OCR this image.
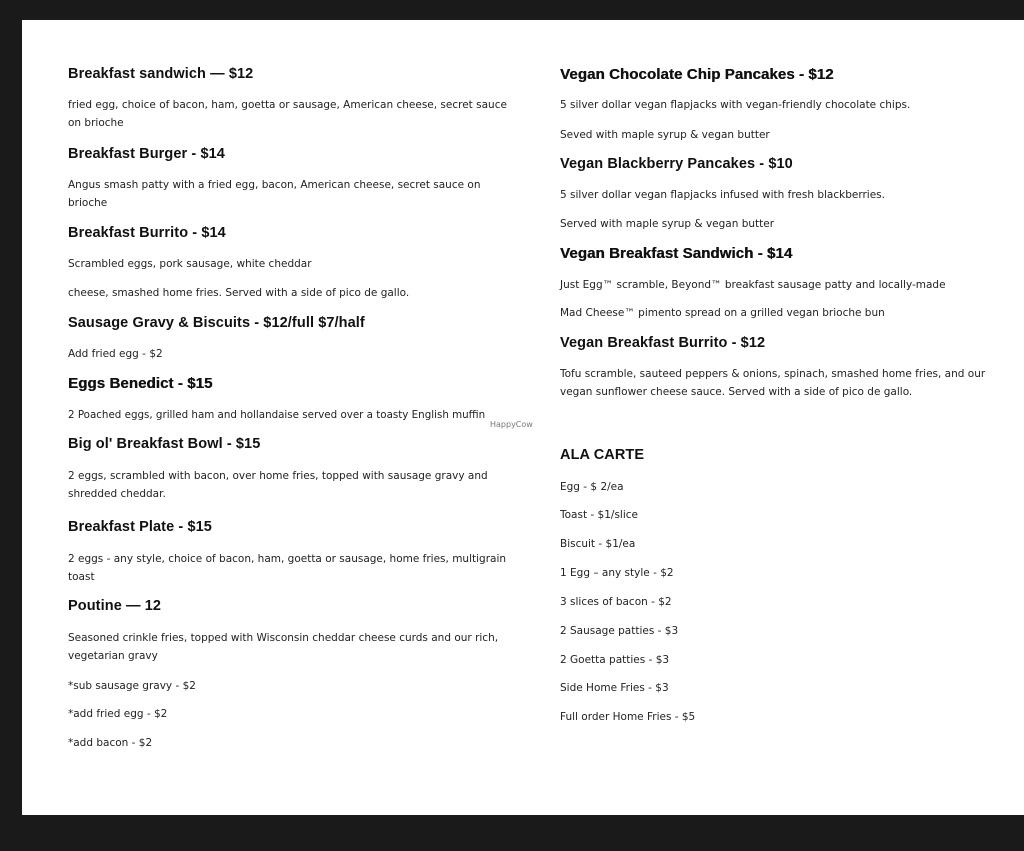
Breakfast sandwich — $12
fried egg, choice of bacon, ham, goetta or sausage, American cheese, secret sauce on brioche
Breakfast Burger - $14
Angus smash patty with a fried egg, bacon, American cheese, secret sauce on brioche
Breakfast Burrito - $14
Scrambled eggs, pork sausage, white cheddar
cheese, smashed home fries. Served with a side of pico de gallo.
Sausage Gravy & Biscuits - $12/full $7/half
Add fried egg - $2
Eggs Benedict - $15
2 Poached eggs, grilled ham and hollandaise served over a toasty English muffin
HappyCow
Big ol' Breakfast Bowl - $15
2 eggs, scrambled with bacon, over home fries, topped with sausage gravy and shredded cheddar.
Breakfast Plate - $15
2 eggs - any style, choice of bacon, ham, goetta or sausage, home fries, multigrain toast
Poutine — 12
Seasoned crinkle fries, topped with Wisconsin cheddar cheese curds and our rich, vegetarian gravy
*sub sausage gravy - $2
*add fried egg - $2
*add bacon - $2
Vegan Chocolate Chip Pancakes - $12
5 silver dollar vegan flapjacks with vegan-friendly chocolate chips.
Seved with maple syrup & vegan butter
Vegan Blackberry Pancakes - $10
5 silver dollar vegan flapjacks infused with fresh blackberries.
Served with maple syrup & vegan butter
Vegan Breakfast Sandwich - $14
Just Egg™ scramble, Beyond™ breakfast sausage patty and locally-made
Mad Cheese™ pimento spread on a grilled vegan brioche bun
Vegan Breakfast Burrito - $12
Tofu scramble, sauteed peppers & onions, spinach, smashed home fries, and our vegan sunflower cheese sauce. Served with a side of pico de gallo.
ALA CARTE
Egg - $ 2/ea
Toast - $1/slice
Biscuit - $1/ea
1 Egg – any style - $2
3 slices of bacon - $2
2 Sausage patties - $3
2 Goetta patties - $3
Side Home Fries - $3
Full order Home Fries - $5
